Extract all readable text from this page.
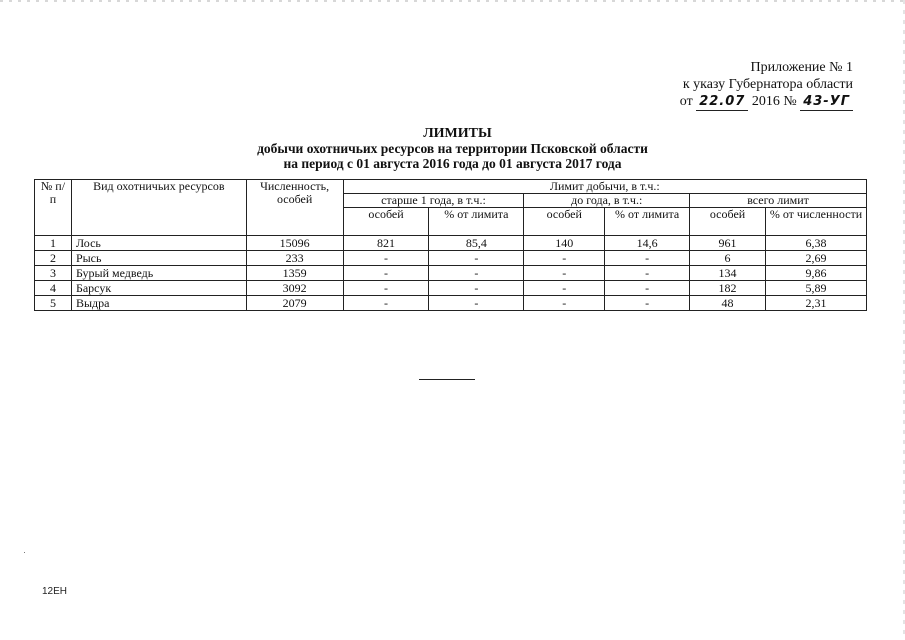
Приложение № 1
к указу Губернатора области
от 22.07 2016 № 43-УГ
ЛИМИТЫ
добычи охотничьих ресурсов на территории Псковской области
на период с 01 августа 2016 года до 01 августа 2017 года
№ п/п	Вид охотничьих ресурсов	Численность, особей	Лимит добычи, в т.ч.:					
			старше 1 года, в т.ч.:		до года, в т.ч.:		всего лимит	
			особей	% от лимита	особей	% от лимита	особей	% от численности
1	Лось	15096	821	85,4	140	14,6	961	6,38
2	Рысь	233	-	-	-	-	6	2,69
3	Бурый медведь	1359	-	-	-	-	134	9,86
4	Барсук	3092	-	-	-	-	182	5,89
5	Выдра	2079	-	-	-	-	48	2,31
12ЕН
